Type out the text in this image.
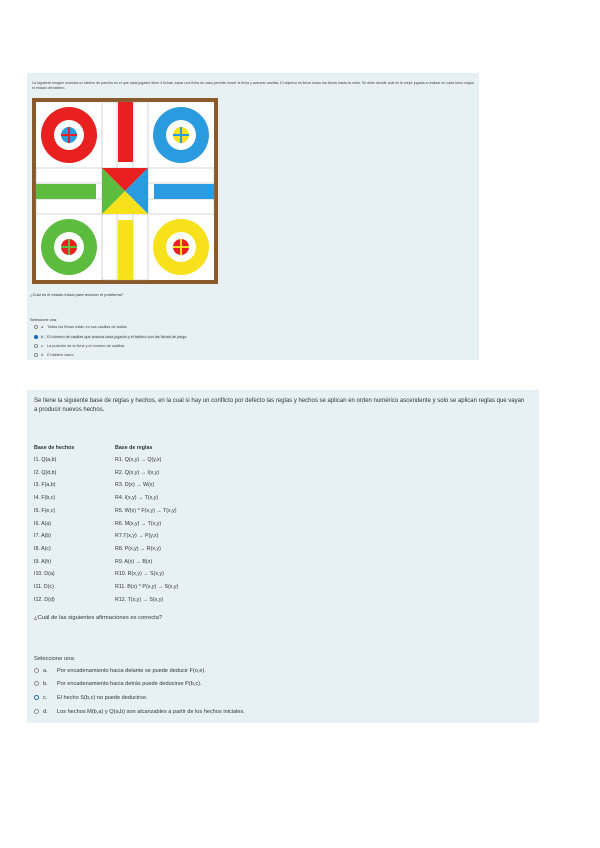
La siguiente imagen muestra un tablero de parchís en el que cada jugador tiene 4 fichas; sacar una ficha de casa permite mover la ficha y avanzar casillas. El objetivo es llevar todas las fichas hasta la meta. Se debe decidir cuál es la mejor jugada a realizar en cada turno según el estado del tablero.
¿Cuál es el estado inicial para resolver el problema?
Seleccione una:
a. Todas las fichas están en sus casillas de salida.
b. El número de casillas que avanza cada jugador y el tablero con las fichas de juego.
c. La posición de la ficha y el número de casillas.
d. El tablero vacío.
Se tiene la siguiente base de reglas y hechos, en la cual si hay un conflicto por defecto las reglas y hechos se aplican en orden numérico ascendente y solo se aplican reglas que vayan a producir nuevos hechos.
Base de hechos	Base de reglas
I1. Q(a,b)	R1. Q(x,y) → Q(y,x)
I2. Q(d,b)	R2. Q(x,y) → I(x,y)
I3. F(a,b)	R3. D(x) → W(x)
I4. F(b,c)	R4. I(x,y) → T(x,y)
I5. F(e,c)	R5. W(x) ^ F(x,y) → T(x,y)
I6. A(a)	R6. M(x,y) → T(x,y)
I7. A(b)	R7.T(x,y) → P(y,x)
I8. A(c)	R8. P(x,y) → R(x,y)
I9. A(h)	R9. A(x) → B(x)
I10. D(a)	R10. R(x,y) → S(x,y)
I11. D(c)	R11. B(x) ^ P(x,y) → S(x,y)
I12. D(d)	R12. T(x,y) → S(x,y)
¿Cuál de las siguientes afirmaciones es correcta?
Seleccione una:
a.	Por encadenamiento hacia delante se puede deducir F(o,e).
b.	Por encadenamiento hacia detrás puede deducirse P(b,c).
c.	El hecho S(b,c) no puede deducirse.
d.	Los hechos M(b,a) y Q(a,b) son alcanzables a partir de los hechos iniciales.
